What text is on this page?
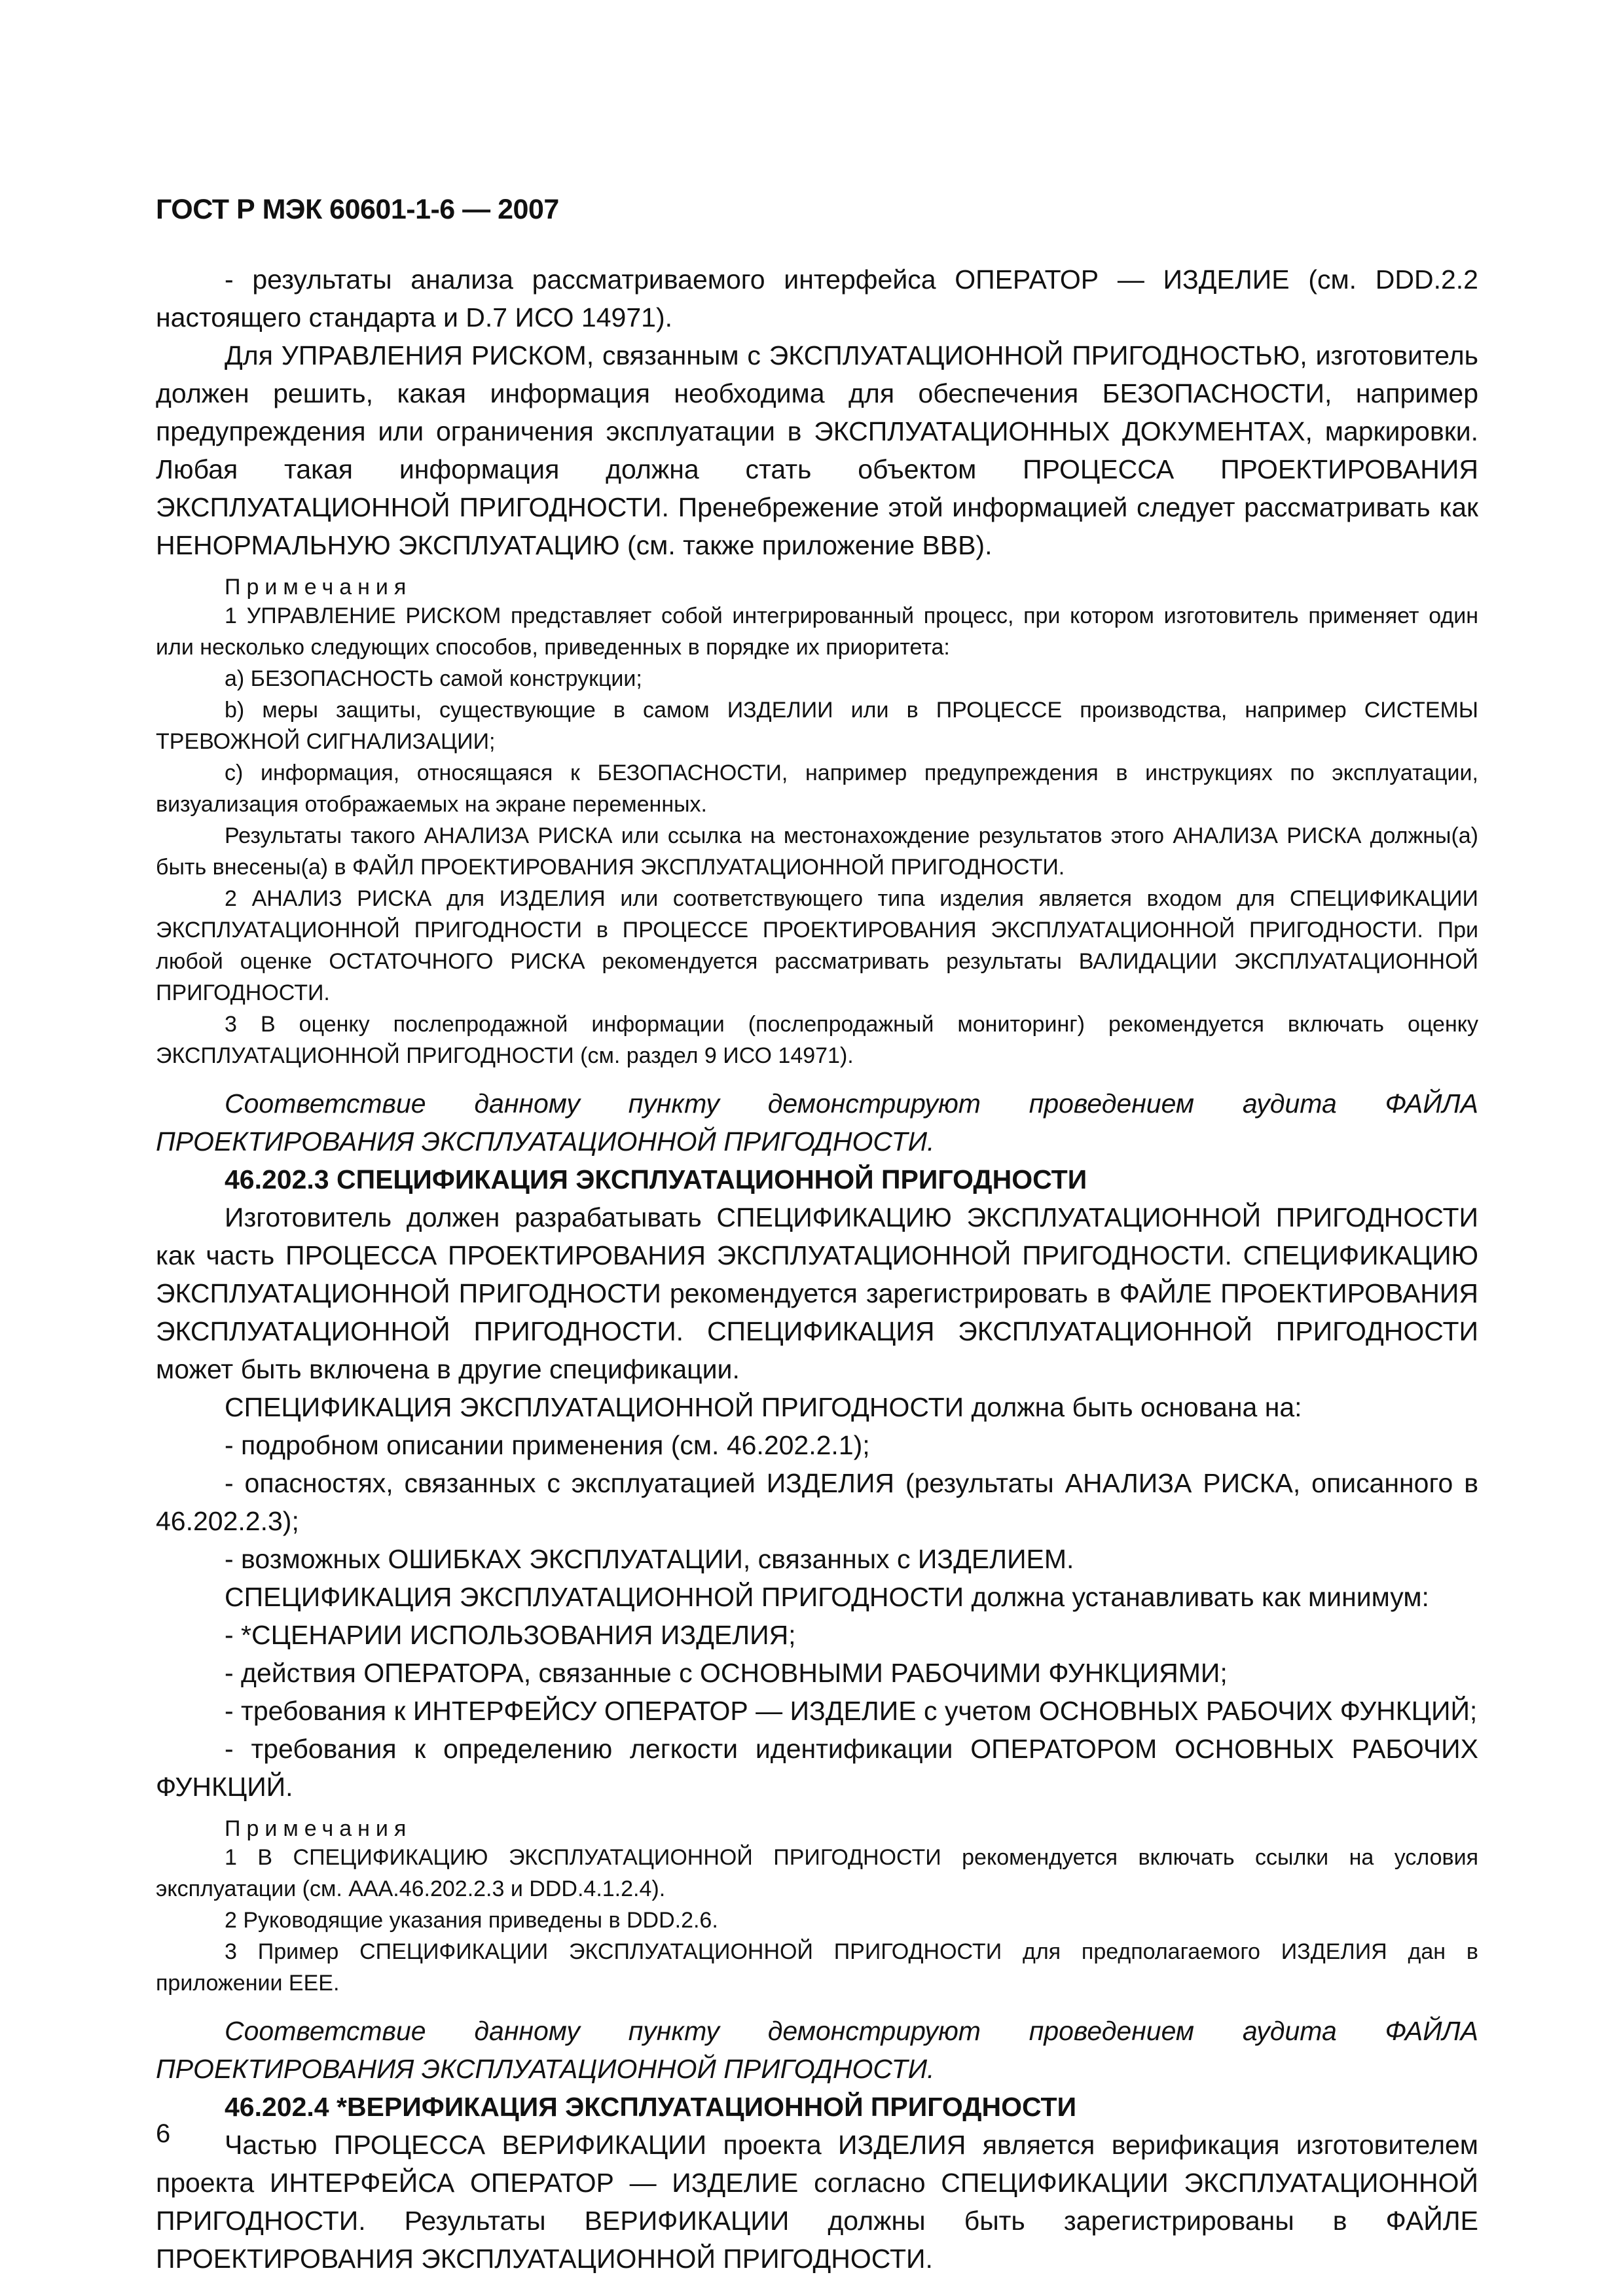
ГОСТ Р МЭК 60601-1-6 — 2007

- результаты анализа рассматриваемого интерфейса ОПЕРАТОР — ИЗДЕЛИЕ (см. DDD.2.2 настоящего стандарта и D.7 ИСО 14971).

Для УПРАВЛЕНИЯ РИСКОМ, связанным с ЭКСПЛУАТАЦИОННОЙ ПРИГОДНОСТЬЮ, изготовитель должен решить, какая информация необходима для обеспечения БЕЗОПАСНОСТИ, например предупреждения или ограничения эксплуатации в ЭКСПЛУАТАЦИОННЫХ ДОКУМЕНТАХ, маркировки. Любая такая информация должна стать объектом ПРОЦЕССА ПРОЕКТИРОВАНИЯ ЭКСПЛУАТАЦИОННОЙ ПРИГОДНОСТИ. Пренебрежение этой информацией следует рассматривать как НЕНОРМАЛЬНУЮ ЭКСПЛУАТАЦИЮ (см. также приложение ВВВ).

Примечания

1 УПРАВЛЕНИЕ РИСКОМ представляет собой интегрированный процесс, при котором изготовитель применяет один или несколько следующих способов, приведенных в порядке их приоритета:

a) БЕЗОПАСНОСТЬ самой конструкции;

b) меры защиты, существующие в самом ИЗДЕЛИИ или в ПРОЦЕССЕ производства, например СИСТЕМЫ ТРЕВОЖНОЙ СИГНАЛИЗАЦИИ;

c) информация, относящаяся к БЕЗОПАСНОСТИ, например предупреждения в инструкциях по эксплуатации, визуализация отображаемых на экране переменных.

Результаты такого АНАЛИЗА РИСКА или ссылка на местонахождение результатов этого АНАЛИЗА РИСКА должны(а) быть внесены(а) в ФАЙЛ ПРОЕКТИРОВАНИЯ ЭКСПЛУАТАЦИОННОЙ ПРИГОДНОСТИ.

2 АНАЛИЗ РИСКА для ИЗДЕЛИЯ или соответствующего типа изделия является входом для СПЕЦИФИКАЦИИ ЭКСПЛУАТАЦИОННОЙ ПРИГОДНОСТИ в ПРОЦЕССЕ ПРОЕКТИРОВАНИЯ ЭКСПЛУАТАЦИОННОЙ ПРИГОДНОСТИ. При любой оценке ОСТАТОЧНОГО РИСКА рекомендуется рассматривать результаты ВАЛИДАЦИИ ЭКСПЛУАТАЦИОННОЙ ПРИГОДНОСТИ.

3 В оценку послепродажной информации (послепродажный мониторинг) рекомендуется включать оценку ЭКСПЛУАТАЦИОННОЙ ПРИГОДНОСТИ (см. раздел 9 ИСО 14971).

Соответствие данному пункту демонстрируют проведением аудита ФАЙЛА ПРОЕКТИРОВАНИЯ ЭКСПЛУАТАЦИОННОЙ ПРИГОДНОСТИ.

46.202.3 СПЕЦИФИКАЦИЯ ЭКСПЛУАТАЦИОННОЙ ПРИГОДНОСТИ

Изготовитель должен разрабатывать СПЕЦИФИКАЦИЮ ЭКСПЛУАТАЦИОННОЙ ПРИГОДНОСТИ как часть ПРОЦЕССА ПРОЕКТИРОВАНИЯ ЭКСПЛУАТАЦИОННОЙ ПРИГОДНОСТИ. СПЕЦИФИКАЦИЮ ЭКСПЛУАТАЦИОННОЙ ПРИГОДНОСТИ рекомендуется зарегистрировать в ФАЙЛЕ ПРОЕКТИРОВАНИЯ ЭКСПЛУАТАЦИОННОЙ ПРИГОДНОСТИ. СПЕЦИФИКАЦИЯ ЭКСПЛУАТАЦИОННОЙ ПРИГОДНОСТИ может быть включена в другие спецификации.

СПЕЦИФИКАЦИЯ ЭКСПЛУАТАЦИОННОЙ ПРИГОДНОСТИ должна быть основана на:

- подробном описании применения (см. 46.202.2.1);

- опасностях, связанных с эксплуатацией ИЗДЕЛИЯ (результаты АНАЛИЗА РИСКА, описанного в 46.202.2.3);

- возможных ОШИБКАХ ЭКСПЛУАТАЦИИ, связанных с ИЗДЕЛИЕМ.

СПЕЦИФИКАЦИЯ ЭКСПЛУАТАЦИОННОЙ ПРИГОДНОСТИ должна устанавливать как минимум:

- *СЦЕНАРИИ ИСПОЛЬЗОВАНИЯ ИЗДЕЛИЯ;

- действия ОПЕРАТОРА, связанные с ОСНОВНЫМИ РАБОЧИМИ ФУНКЦИЯМИ;

- требования к ИНТЕРФЕЙСУ ОПЕРАТОР — ИЗДЕЛИЕ с учетом ОСНОВНЫХ РАБОЧИХ ФУНКЦИЙ;

- требования к определению легкости идентификации ОПЕРАТОРОМ ОСНОВНЫХ РАБОЧИХ ФУНКЦИЙ.

Примечания

1 В СПЕЦИФИКАЦИЮ ЭКСПЛУАТАЦИОННОЙ ПРИГОДНОСТИ рекомендуется включать ссылки на условия эксплуатации (см. ААА.46.202.2.3 и DDD.4.1.2.4).

2 Руководящие указания приведены в DDD.2.6.

3 Пример СПЕЦИФИКАЦИИ ЭКСПЛУАТАЦИОННОЙ ПРИГОДНОСТИ для предполагаемого ИЗДЕЛИЯ дан в приложении ЕЕЕ.

Соответствие данному пункту демонстрируют проведением аудита ФАЙЛА ПРОЕКТИРОВАНИЯ ЭКСПЛУАТАЦИОННОЙ ПРИГОДНОСТИ.

46.202.4 *ВЕРИФИКАЦИЯ ЭКСПЛУАТАЦИОННОЙ ПРИГОДНОСТИ

Частью ПРОЦЕССА ВЕРИФИКАЦИИ проекта ИЗДЕЛИЯ является верификация изготовителем проекта ИНТЕРФЕЙСА ОПЕРАТОР — ИЗДЕЛИЕ согласно СПЕЦИФИКАЦИИ ЭКСПЛУАТАЦИОННОЙ ПРИГОДНОСТИ. Результаты ВЕРИФИКАЦИИ должны быть зарегистрированы в ФАЙЛЕ ПРОЕКТИРОВАНИЯ ЭКСПЛУАТАЦИОННОЙ ПРИГОДНОСТИ.

6
